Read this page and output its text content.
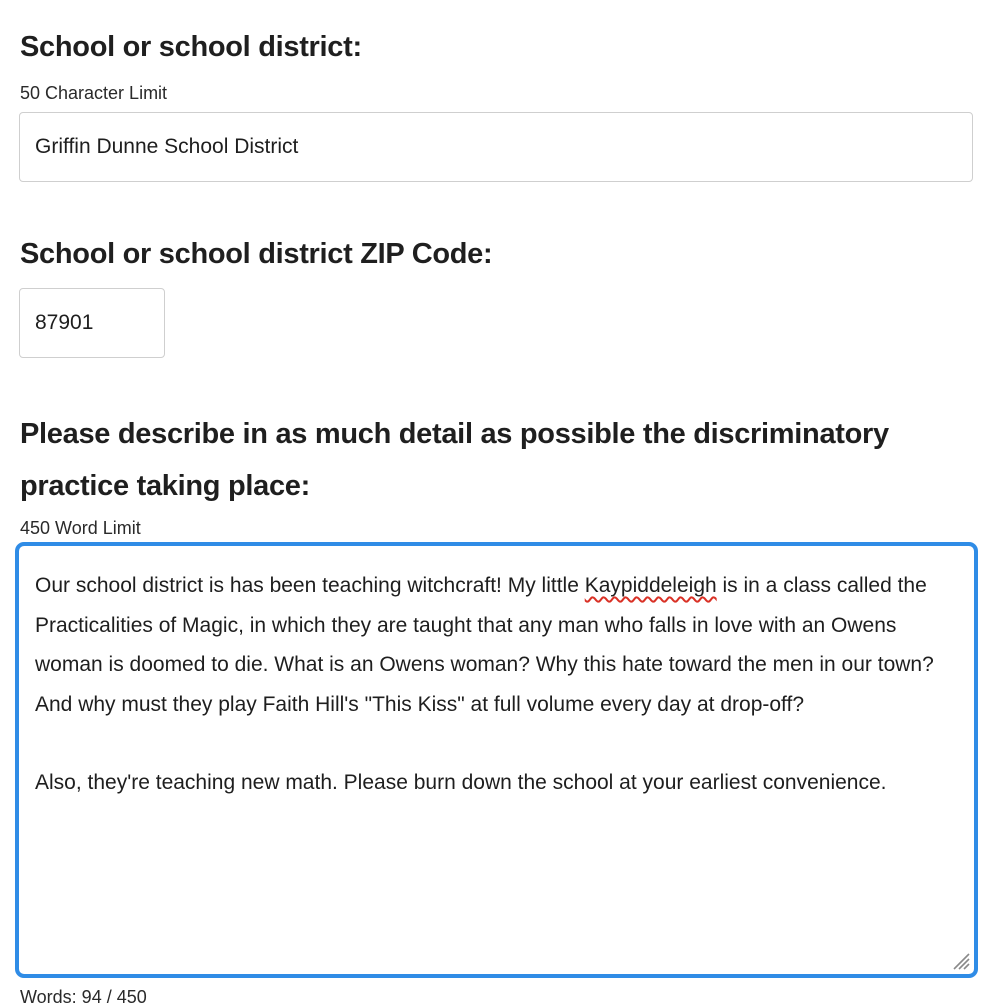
School or school district:
50 Character Limit
Griffin Dunne School District
School or school district ZIP Code:
87901
Please describe in as much detail as possible the discriminatory
practice taking place:
450 Word Limit

Our school district is has been teaching witchcraft! My little Kaypiddeleigh is in a class called the Practicalities of Magic, in which they are taught that any man who falls in love with an Owens woman is doomed to die. What is an Owens woman? Why this hate toward the men in our town? And why must they play Faith Hill's "This Kiss" at full volume every day at drop-off?

Also, they're teaching new math. Please burn down the school at your earliest convenience.

Words: 94 / 450
